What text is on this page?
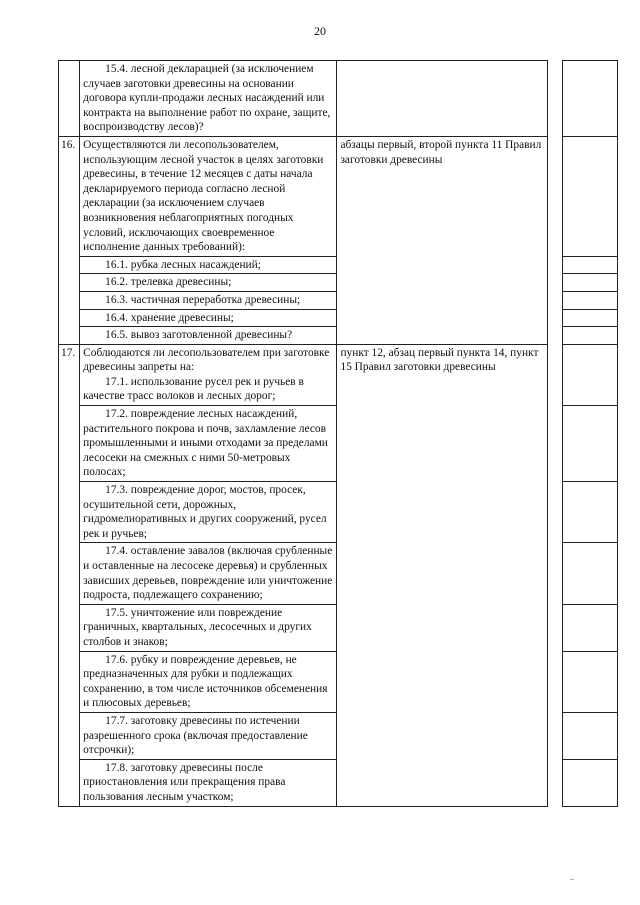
20
	15.4. лесной декларацией (за исключением случаев заготовки древесины на основании договора купли-продажи лесных насаждений или контракта на выполнение работ по охране, защите, воспроизводству лесов)?			
16.	Осуществляются ли лесопользователем, использующим лесной участок в целях заготовки древесины, в течение 12 месяцев с даты начала декларируемого периода согласно лесной декларации (за исключением случаев возникновения неблагоприятных погодных условий, исключающих своевременное исполнение данных требований):	абзацы первый, второй пункта 11 Правил заготовки древесины		
	16.1. рубка лесных насаждений;			
	16.2. трелевка древесины;			
	16.3. частичная переработка древесины;			
	16.4. хранение древесины;			
	16.5. вывоз заготовленной древесины?			
17.	Соблюдаются ли лесопользователем при заготовке древесины запреты на:
17.1. использование русел рек и ручьев в качестве трасс волоков и лесных дорог;	пункт 12, абзац первый пункта 14, пункт 15 Правил заготовки древесины		
	17.2. повреждение лесных насаждений, растительного покрова и почв, захламление лесов промышленными и иными отходами за пределами лесосеки на смежных с ними 50-метровых полосах;			
	17.3. повреждение дорог, мостов, просек, осушительной сети, дорожных, гидромелиоративных и других сооружений, русел рек и ручьев;			
	17.4. оставление завалов (включая срубленные и оставленные на лесосеке деревья) и срубленных зависших деревьев, повреждение или уничтожение подроста, подлежащего сохранению;			
	17.5. уничтожение или повреждение граничных, квартальных, лесосечных и других столбов и знаков;			
	17.6. рубку и повреждение деревьев, не предназначенных для рубки и подлежащих сохранению, в том числе источников обсеменения и плюсовых деревьев;			
	17.7. заготовку древесины по истечении разрешенного срока (включая предоставление отсрочки);			
	17.8. заготовку древесины после приостановления или прекращения права пользования лесным участком;			
–
